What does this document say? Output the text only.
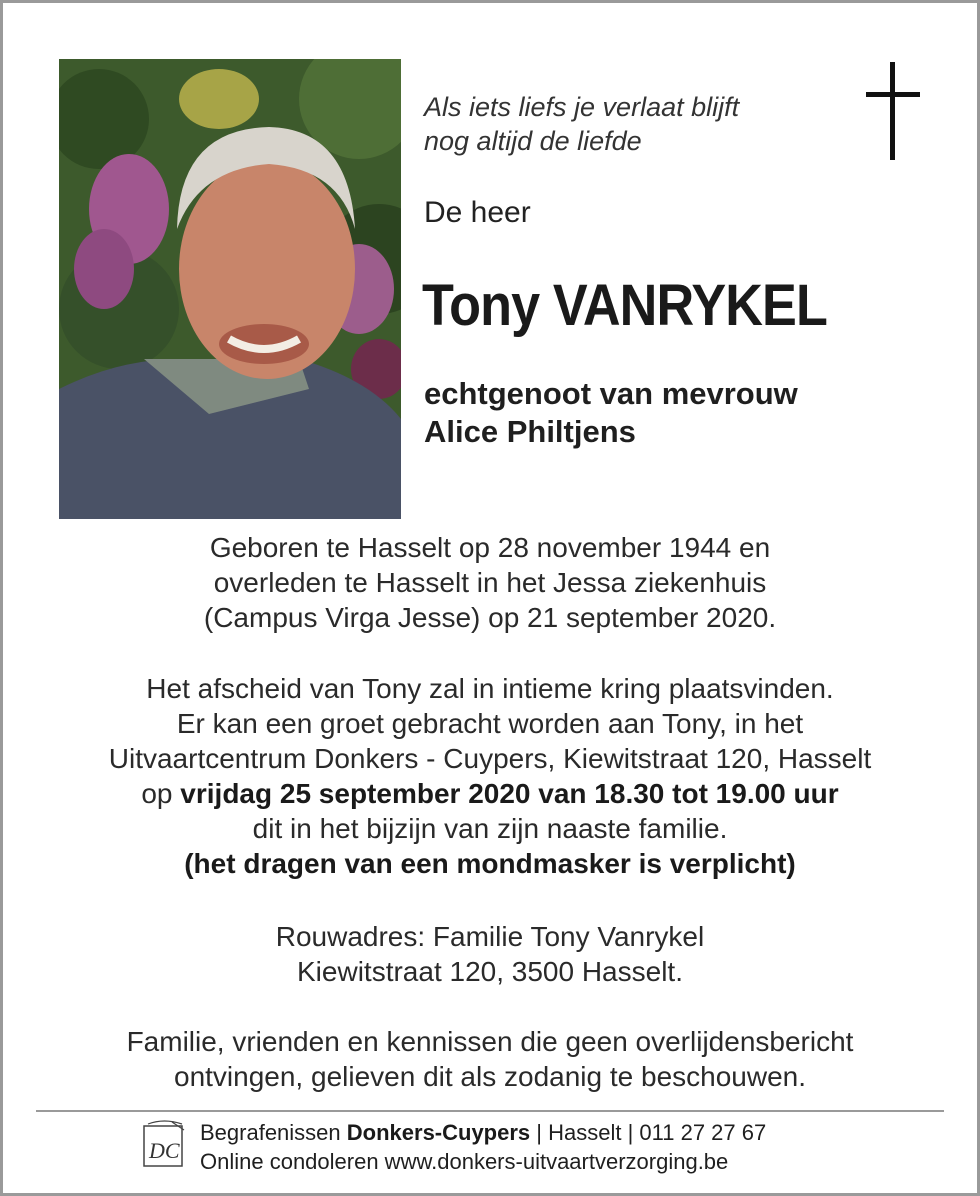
Als iets liefs je verlaat blijft
nog altijd de liefde
De heer
Tony VANRYKEL
echtgenoot van mevrouw
Alice Philtjens
Geboren te Hasselt op 28 november 1944 en
overleden te Hasselt in het Jessa ziekenhuis
(Campus Virga Jesse) op 21 september 2020.
Het afscheid van Tony zal in intieme kring plaatsvinden.
Er kan een groet gebracht worden aan Tony, in het
Uitvaartcentrum Donkers - Cuypers, Kiewitstraat 120, Hasselt
op vrijdag 25 september 2020 van 18.30 tot 19.00 uur
dit in het bijzijn van zijn naaste familie.
(het dragen van een mondmasker is verplicht)
Rouwadres: Familie Tony Vanrykel
Kiewitstraat 120, 3500 Hasselt.
Familie, vrienden en kennissen die geen overlijdensbericht
ontvingen, gelieven dit als zodanig te beschouwen.
DC
Begrafenissen Donkers-Cuypers | Hasselt | 011 27 27 67
Online condoleren www.donkers-uitvaartverzorging.be
